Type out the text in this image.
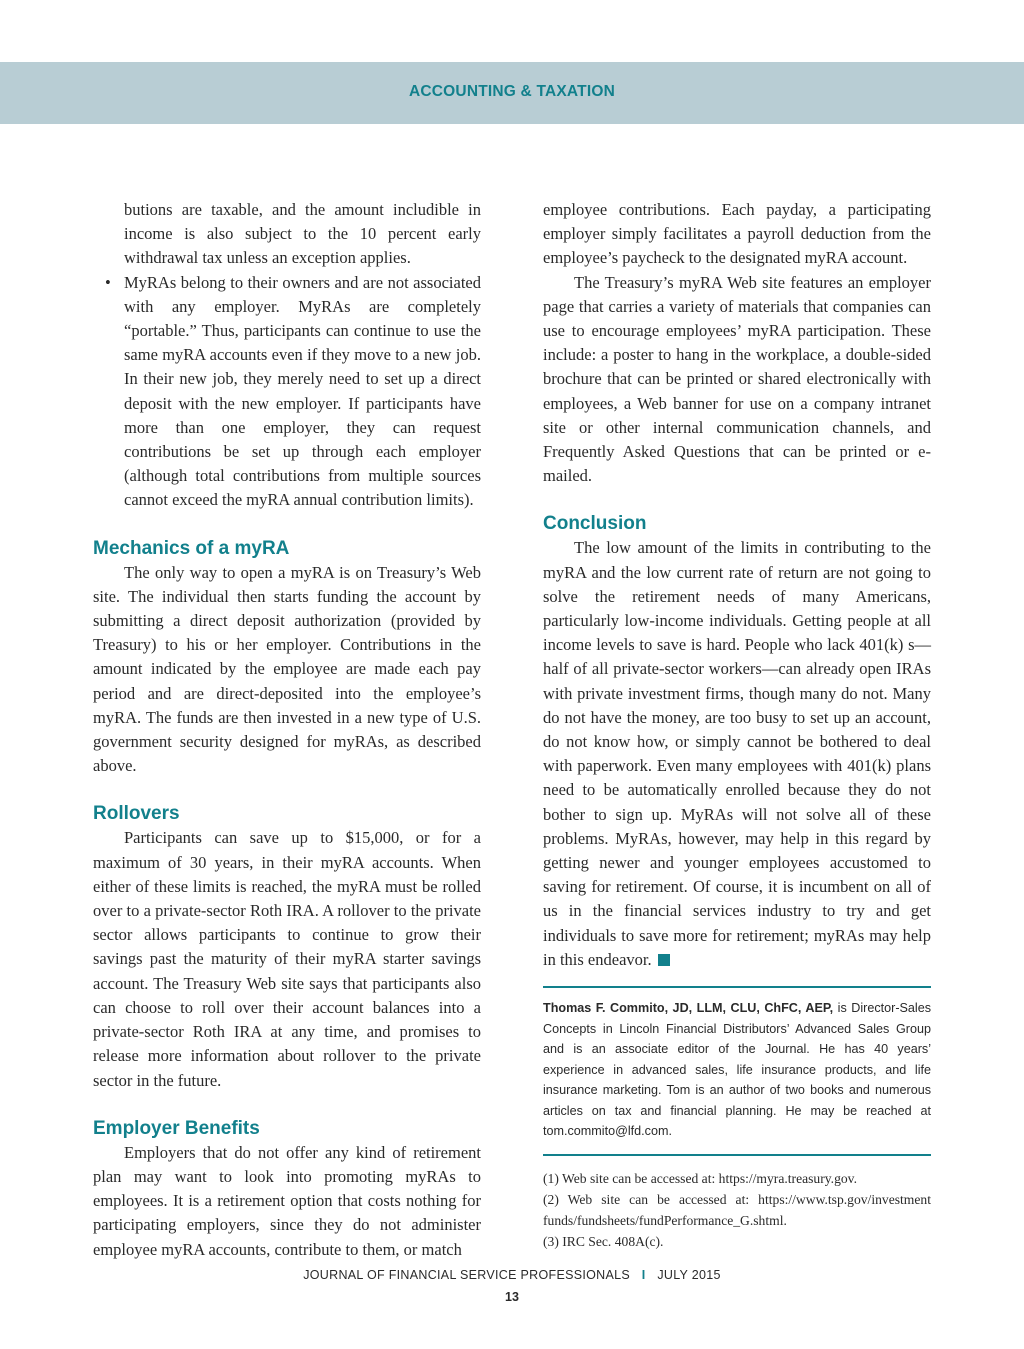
ACCOUNTING & TAXATION

butions are taxable, and the amount includible in income is also subject to the 10 percent early withdrawal tax unless an exception applies.

• MyRAs belong to their owners and are not associated with any employer. MyRAs are completely “portable.” Thus, participants can continue to use the same myRA accounts even if they move to a new job. In their new job, they merely need to set up a direct deposit with the new employer. If participants have more than one employer, they can request contributions be set up through each employer (although total contributions from multiple sources cannot exceed the myRA annual contribution limits).

Mechanics of a myRA

The only way to open a myRA is on Treasury’s Web site. The individual then starts funding the account by submitting a direct deposit authorization (provided by Treasury) to his or her employer. Contributions in the amount indicated by the employee are made each pay period and are direct-deposited into the employee’s myRA. The funds are then invested in a new type of U.S. government security designed for myRAs, as described above.

Rollovers

Participants can save up to $15,000, or for a maximum of 30 years, in their myRA accounts. When either of these limits is reached, the myRA must be rolled over to a private-sector Roth IRA. A rollover to the private sector allows participants to continue to grow their savings past the maturity of their myRA starter savings account. The Treasury Web site says that participants also can choose to roll over their account balances into a private-sector Roth IRA at any time, and promises to release more information about rollover to the private sector in the future.

Employer Benefits

Employers that do not offer any kind of retirement plan may want to look into promoting myRAs to employees. It is a retirement option that costs nothing for participating employers, since they do not administer employee myRA accounts, contribute to them, or match

employee contributions. Each payday, a participating employer simply facilitates a payroll deduction from the employee’s paycheck to the designated myRA account.

The Treasury’s myRA Web site features an employer page that carries a variety of materials that companies can use to encourage employees’ myRA participation. These include: a poster to hang in the workplace, a double-sided brochure that can be printed or shared electronically with employees, a Web banner for use on a company intranet site or other internal communication channels, and Frequently Asked Questions that can be printed or e-mailed.

Conclusion

The low amount of the limits in contributing to the myRA and the low current rate of return are not going to solve the retirement needs of many Americans, particularly low-income individuals. Getting people at all income levels to save is hard. People who lack 401(k) s—half of all private-sector workers—can already open IRAs with private investment firms, though many do not. Many do not have the money, are too busy to set up an account, do not know how, or simply cannot be bothered to deal with paperwork. Even many employees with 401(k) plans need to be automatically enrolled because they do not bother to sign up. MyRAs will not solve all of these problems. MyRAs, however, may help in this regard by getting newer and younger employees accustomed to saving for retirement. Of course, it is incumbent on all of us in the financial services industry to try and get individuals to save more for retirement; myRAs may help in this endeavor.

Thomas F. Commito, JD, LLM, CLU, ChFC, AEP, is Director-Sales Concepts in Lincoln Financial Distributors’ Advanced Sales Group and is an associate editor of the Journal. He has 40 years’ experience in advanced sales, life insurance products, and life insurance marketing. Tom is an author of two books and numerous articles on tax and financial planning. He may be reached at tom.commito@lfd.com.

(1) Web site can be accessed at: https://myra.treasury.gov.

(2) Web site can be accessed at: https://www.tsp.gov/investment funds/fundsheets/fundPerformance_G.shtml.

(3) IRC Sec. 408A(c).

JOURNAL OF FINANCIAL SERVICE PROFESSIONALS I JULY 2015
13
